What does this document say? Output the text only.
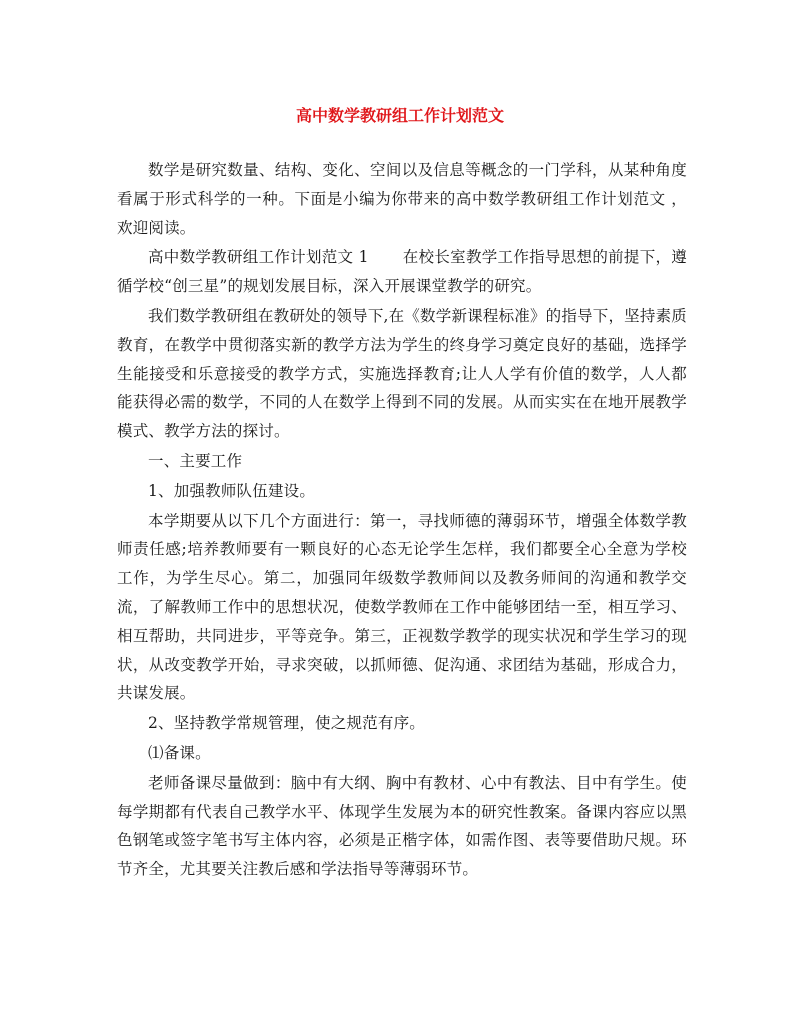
高中数学教研组工作计划范文

数学是研究数量、结构、变化、空间以及信息等概念的一门学科，从某种角度看属于形式科学的一种。下面是小编为你带来的高中数学教研组工作计划范文 ，欢迎阅读。

高中数学教研组工作计划范文 1 在校长室教学工作指导思想的前提下，遵循学校“创三星”的规划发展目标，深入开展课堂教学的研究。

我们数学教研组在教研处的领导下,在《数学新课程标准》的指导下，坚持素质教育，在教学中贯彻落实新的教学方法为学生的终身学习奠定良好的基础，选择学生能接受和乐意接受的教学方式，实施选择教育;让人人学有价值的数学，人人都能获得必需的数学，不同的人在数学上得到不同的发展。从而实实在在地开展教学模式、教学方法的探讨。

一、主要工作

1、加强教师队伍建设。

本学期要从以下几个方面进行：第一，寻找师德的薄弱环节，增强全体数学教师责任感;培养教师要有一颗良好的心态无论学生怎样，我们都要全心全意为学校工作，为学生尽心。第二，加强同年级数学教师间以及教务师间的沟通和教学交流，了解教师工作中的思想状况，使数学教师在工作中能够团结一至，相互学习、相互帮助，共同进步，平等竞争。第三，正视数学教学的现实状况和学生学习的现状，从改变教学开始，寻求突破，以抓师德、促沟通、求团结为基础，形成合力，共谋发展。

2、坚持教学常规管理，使之规范有序。

⑴备课。

老师备课尽量做到：脑中有大纲、胸中有教材、心中有教法、目中有学生。使每学期都有代表自己教学水平、体现学生发展为本的研究性教案。备课内容应以黑色钢笔或签字笔书写主体内容，必须是正楷字体，如需作图、表等要借助尺规。环节齐全，尤其要关注教后感和学法指导等薄弱环节。
